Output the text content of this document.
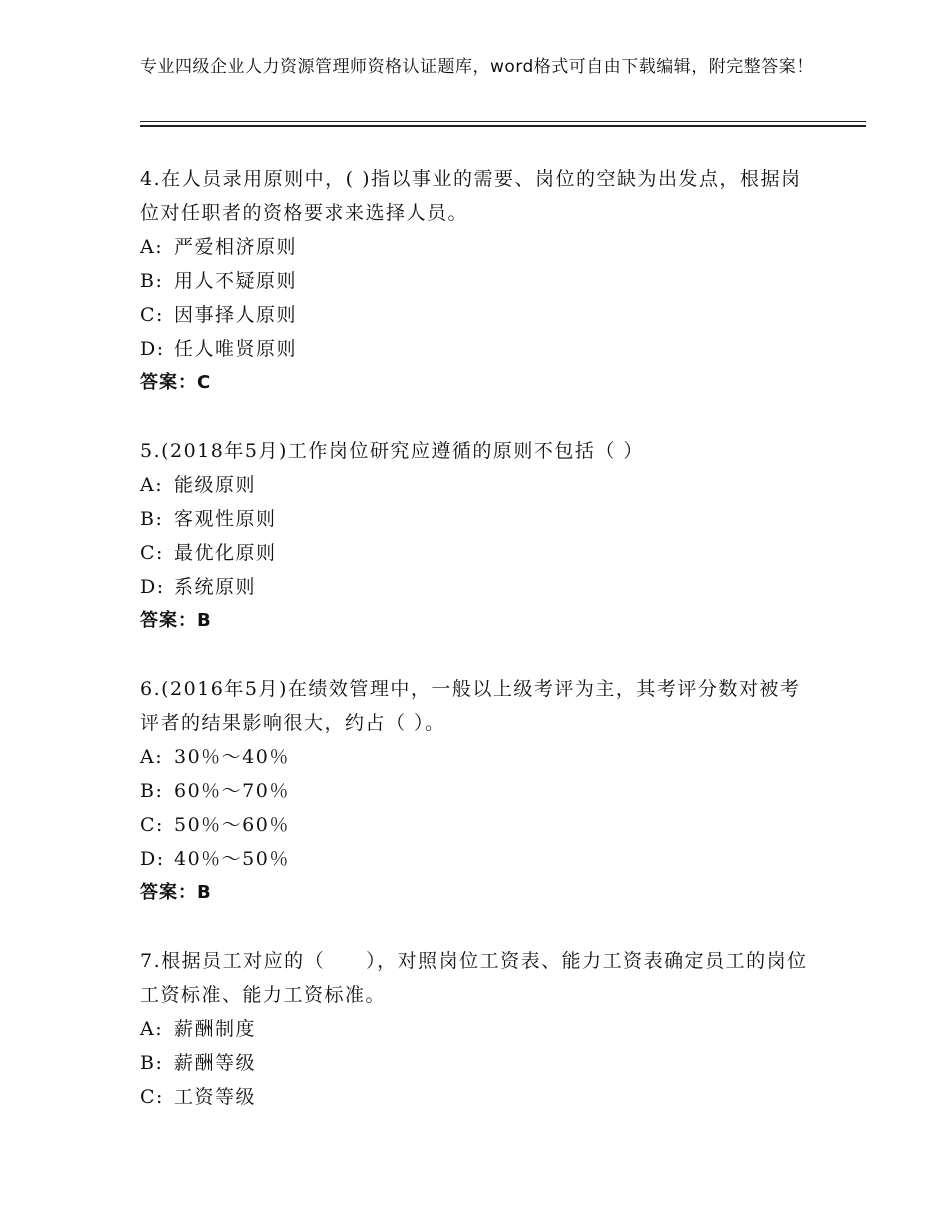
专业四级企业人力资源管理师资格认证题库，word格式可自由下载编辑，附完整答案！

4.在人员录用原则中，( )指以事业的需要、岗位的空缺为出发点，根据岗位对任职者的资格要求来选择人员。

A: 严爱相济原则
B: 用人不疑原则
C: 因事择人原则
D: 任人唯贤原则
答案：C

5.(2018年5月)工作岗位研究应遵循的原则不包括（ ）

A: 能级原则
B: 客观性原则
C: 最优化原则
D: 系统原则
答案：B

6.(2016年5月)在绩效管理中，一般以上级考评为主，其考评分数对被考评者的结果影响很大，约占（ ）。

A: 30％～40％
B: 60％～70％
C: 50％～60％
D: 40％～50％
答案：B

7.根据员工对应的（　　），对照岗位工资表、能力工资表确定员工的岗位工资标准、能力工资标准。

A: 薪酬制度
B: 薪酬等级
C: 工资等级
